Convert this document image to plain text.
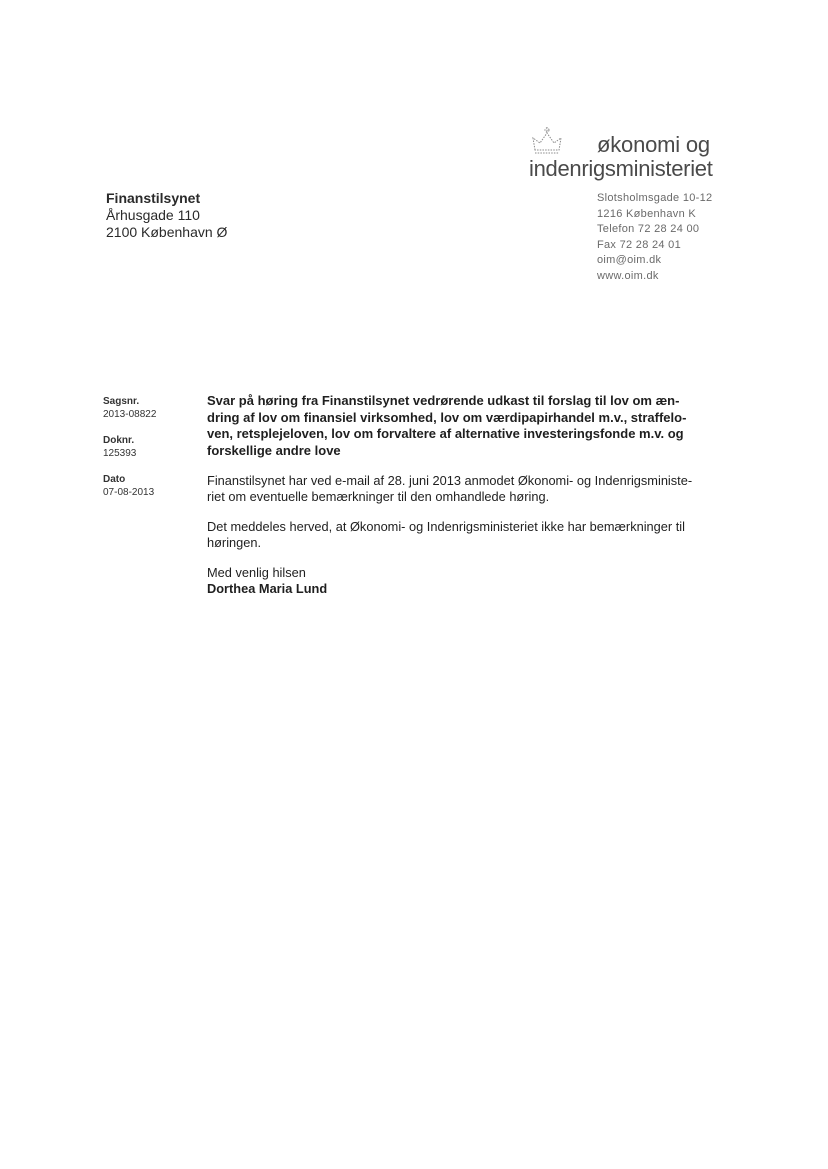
økonomi og
indenrigsministeriet
Slotsholmsgade 10-12
1216 København K
Telefon 72 28 24 00
Fax 72 28 24 01
oim@oim.dk
www.oim.dk
Finanstilsynet
Århusgade 110
2100 København Ø
Sagsnr.
2013-08822
Doknr.
125393
Dato
07-08-2013
Svar på høring fra Finanstilsynet vedrørende udkast til forslag til lov om æn-
dring af lov om finansiel virksomhed, lov om værdipapirhandel m.v., straffelo-
ven, retsplejeloven, lov om forvaltere af alternative investeringsfonde m.v. og
forskellige andre love
Finanstilsynet har ved e-mail af 28. juni 2013 anmodet Økonomi- og Indenrigsministe-
riet om eventuelle bemærkninger til den omhandlede høring.
Det meddeles herved, at Økonomi- og Indenrigsministeriet ikke har bemærkninger til
høringen.
Med venlig hilsen
Dorthea Maria Lund
